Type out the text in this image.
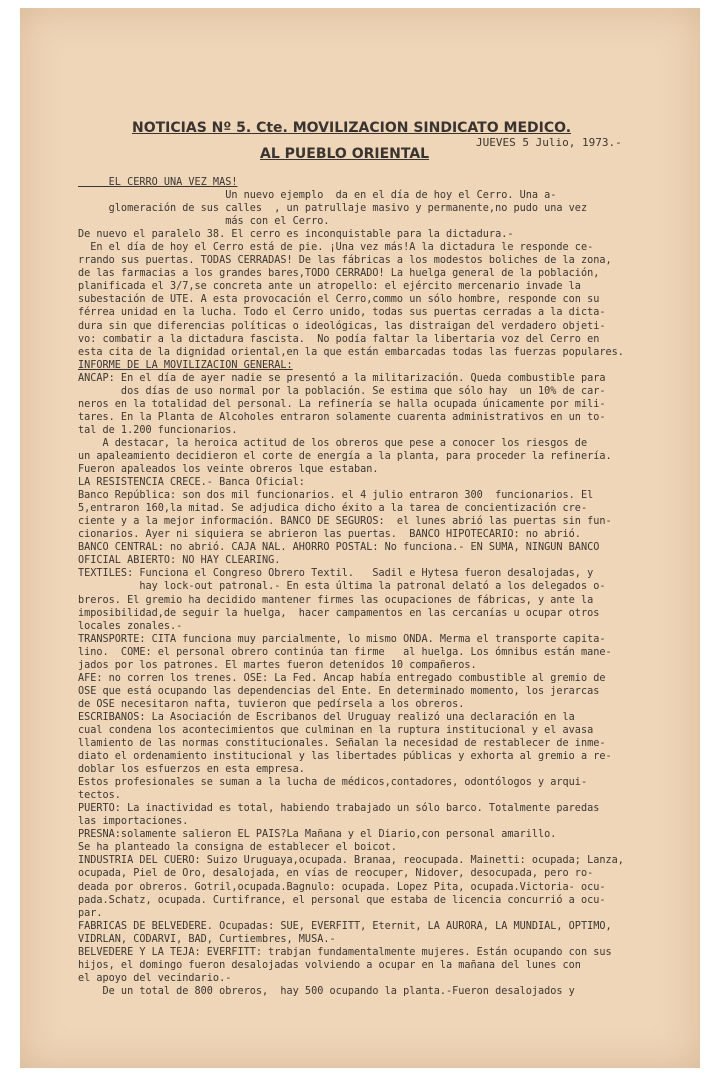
NOTICIAS Nº 5. Cte. MOVILIZACION SINDICATO MEDICO.
AL PUEBLO ORIENTAL
JUEVES 5 Julio, 1973.-
EL CERRO UNA VEZ MAS!
Un nuevo ejemplo  da en el día de hoy el Cerro. Una a-
glomeración de sus calles  , un patrullaje masivo y permanente,no pudo una vez
más con el Cerro.
De nuevo el paralelo 38. El cerro es inconquistable para la dictadura.-
En el día de hoy el Cerro está de pie. ¡Una vez más!A la dictadura le responde ce-
rrando sus puertas. TODAS CERRADAS! De las fábricas a los modestos boliches de la zona,
de las farmacias a los grandes bares,TODO CERRADO! La huelga general de la población,
planificada el 3/7,se concreta ante un atropello: el ejército mercenario invade la
subestación de UTE. A esta provocación el Cerro,commo un sólo hombre, responde con su
férrea unidad en la lucha. Todo el Cerro unido, todas sus puertas cerradas a la dicta-
dura sin que diferencias políticas o ideológicas, las distraigan del verdadero objeti-
vo: combatir a la dictadura fascista.  No podía faltar la libertaria voz del Cerro en
esta cita de la dignidad oriental,en la que están embarcadas todas las fuerzas populares.
INFORME DE LA MOVILIZACION GENERAL:
ANCAP: En el día de ayer nadie se presentó a la militarización. Queda combustible para
dos días de uso normal por la población. Se estima que sólo hay  un 10% de car-
neros en la totalidad del personal. La refinería se halla ocupada únicamente por mili-
tares. En la Planta de Alcoholes entraron solamente cuarenta administrativos en un to-
tal de 1.200 funcionarios.
A destacar, la heroica actitud de los obreros que pese a conocer los riesgos de
un apaleamiento decidieron el corte de energía a la planta, para proceder la refinería.
Fueron apaleados los veinte obreros lque estaban.
LA RESISTENCIA CRECE.- Banca Oficial:
Banco República: son dos mil funcionarios. el 4 julio entraron 300  funcionarios. El
5,entraron 160,la mitad. Se adjudica dicho éxito a la tarea de concientización cre-
ciente y a la mejor información. BANCO DE SEGUROS:  el lunes abrió las puertas sin fun-
cionarios. Ayer ni siquiera se abrieron las puertas.  BANCO HIPOTECARIO: no abrió.
BANCO CENTRAL: no abrió. CAJA NAL. AHORRO POSTAL: No funciona.- EN SUMA, NINGUN BANCO
OFICIAL ABIERTO: NO HAY CLEARING.
TEXTILES: Funciona el Congreso Obrero Textil.   Sadil e Hytesa fueron desalojadas, y
hay lock-out patronal.- En esta última la patronal delató a los delegados o-
breros. El gremio ha decidido mantener firmes las ocupaciones de fábricas, y ante la
imposibilidad,de seguir la huelga,  hacer campamentos en las cercanías u ocupar otros
locales zonales.-
TRANSPORTE: CITA funciona muy parcialmente, lo mismo ONDA. Merma el transporte capita-
lino.  COME: el personal obrero continúa tan firme   al huelga. Los ómnibus están mane-
jados por los patrones. El martes fueron detenidos 10 compañeros.
AFE: no corren los trenes. OSE: La Fed. Ancap había entregado combustible al gremio de
OSE que está ocupando las dependencias del Ente. En determinado momento, los jerarcas
de OSE necesitaron nafta, tuvieron que pedírsela a los obreros.
ESCRIBANOS: La Asociación de Escribanos del Uruguay realizó una declaración en la
cual condena los acontecimientos que culminan en la ruptura institucional y el avasa
llamiento de las normas constitucionales. Señalan la necesidad de restablecer de inme-
diato el ordenamiento institucional y las libertades públicas y exhorta al gremio a re-
doblar los esfuerzos en esta empresa.
Estos profesionales se suman a la lucha de médicos,contadores, odontólogos y arqui-
tectos.
PUERTO: La inactividad es total, habiendo trabajado un sólo barco. Totalmente paredas
las importaciones.
PRESNA:solamente salieron EL PAIS?La Mañana y el Diario,con personal amarillo.
Se ha planteado la consigna de establecer el boicot.
INDUSTRIA DEL CUERO: Suizo Uruguaya,ocupada. Branaa, reocupada. Mainetti: ocupada; Lanza,
ocupada, Piel de Oro, desalojada, en vías de reocuper, Nidover, desocupada, pero ro-
deada por obreros. Gotril,ocupada.Bagnulo: ocupada. Lopez Pita, ocupada.Victoria- ocu-
pada.Schatz, ocupada. Curtifrance, el personal que estaba de licencia concurrió a ocu-
par.
FABRICAS DE BELVEDERE. Ocupadas: SUE, EVERFITT, Eternit, LA AURORA, LA MUNDIAL, OPTIMO,
VIDRLAN, CODARVI, BAD, Curtiembres, MUSA.-
BELVEDERE Y LA TEJA: EVERFITT: trabjan fundamentalmente mujeres. Están ocupando con sus
hijos, el domingo fueron desalojadas volviendo a ocupar en la mañana del lunes con
el apoyo del vecindario.-
De un total de 800 obreros,  hay 500 ocupando la planta.-Fueron desalojados y
